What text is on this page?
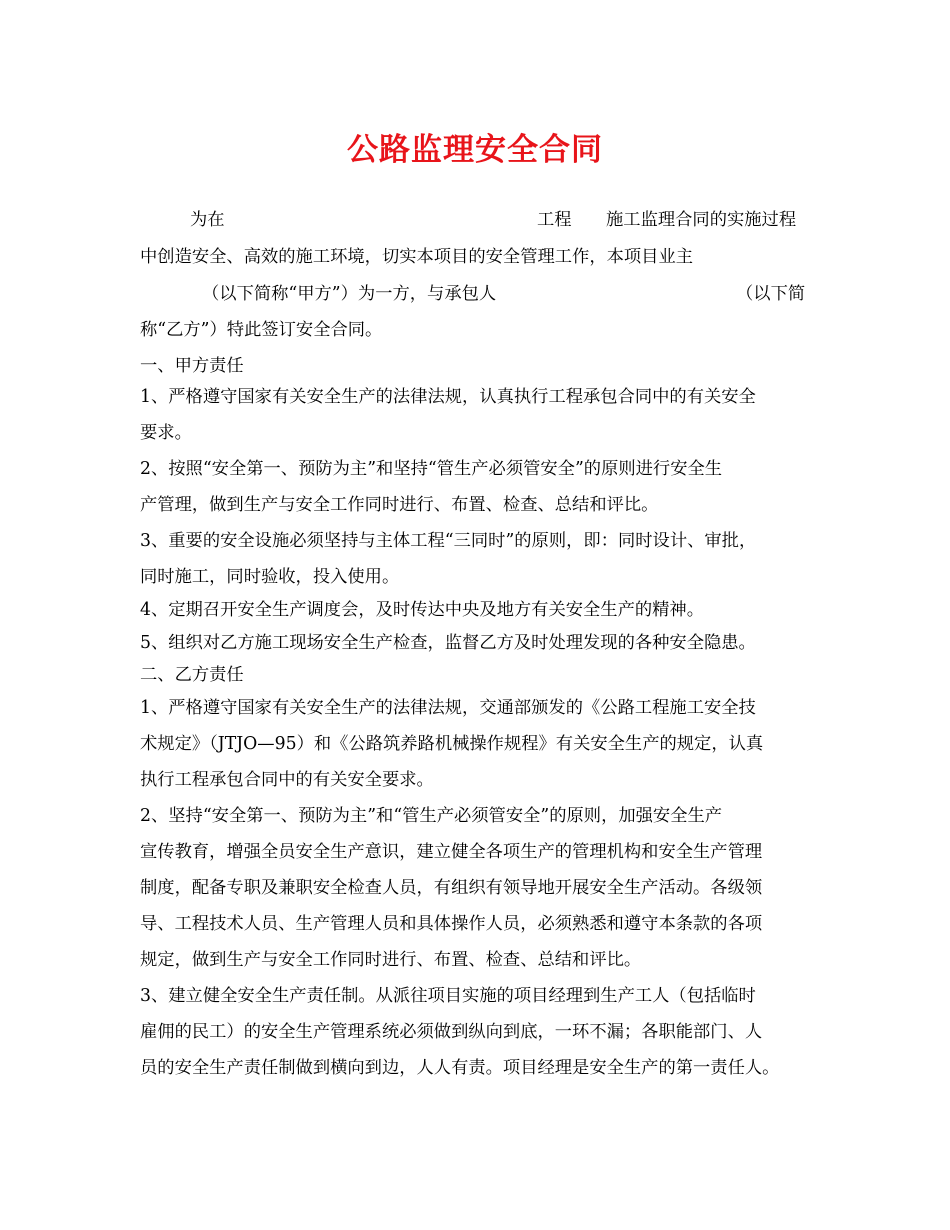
公路监理安全合同
为在	工程 施工监理合同的实施过程
中创造安全、高效的施工环境，切实本项目的安全管理工作，本项目业主
（以下简称“甲方”）为一方，与承包人	（以下简
称“乙方”）特此签订安全合同。
一、甲方责任
1、严格遵守国家有关安全生产的法律法规，认真执行工程承包合同中的有关安全
要求。
2、按照“安全第一、预防为主”和坚持“管生产必须管安全”的原则进行安全生
产管理，做到生产与安全工作同时进行、布置、检查、总结和评比。
3、重要的安全设施必须坚持与主体工程“三同时”的原则，即：同时设计、审批，
同时施工，同时验收，投入使用。
4、定期召开安全生产调度会，及时传达中央及地方有关安全生产的精神。
5、组织对乙方施工现场安全生产检查，监督乙方及时处理发现的各种安全隐患。
二、乙方责任
1、严格遵守国家有关安全生产的法律法规，交通部颁发的《公路工程施工安全技
术规定》（JTJO—95）和《公路筑养路机械操作规程》有关安全生产的规定，认真
执行工程承包合同中的有关安全要求。
2、坚持“安全第一、预防为主”和“管生产必须管安全”的原则，加强安全生产
宣传教育，增强全员安全生产意识，建立健全各项生产的管理机构和安全生产管理
制度，配备专职及兼职安全检查人员，有组织有领导地开展安全生产活动。各级领
导、工程技术人员、生产管理人员和具体操作人员，必须熟悉和遵守本条款的各项
规定，做到生产与安全工作同时进行、布置、检查、总结和评比。
3、建立健全安全生产责任制。从派往项目实施的项目经理到生产工人（包括临时
雇佣的民工）的安全生产管理系统必须做到纵向到底，一环不漏；各职能部门、人
员的安全生产责任制做到横向到边，人人有责。项目经理是安全生产的第一责任人。
